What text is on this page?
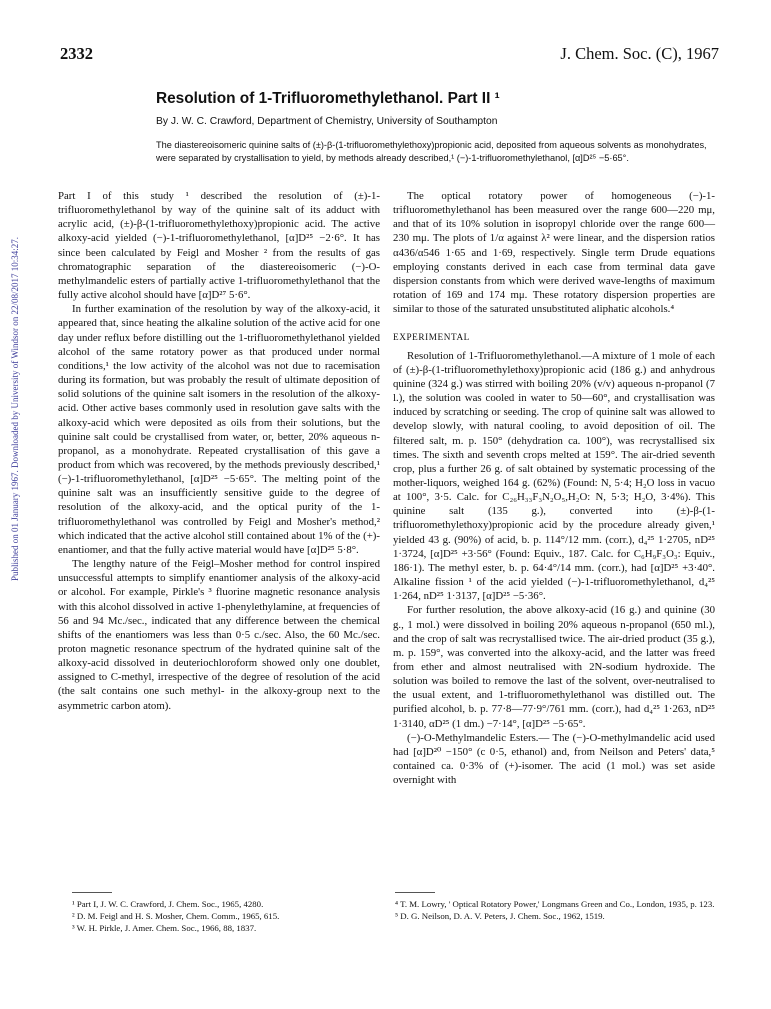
2332	J. Chem. Soc. (C), 1967
Resolution of 1-Trifluoromethylethanol. Part II ¹
By J. W. C. Crawford, Department of Chemistry, University of Southampton
The diastereoisomeric quinine salts of (±)-β-(1-trifluoromethylethoxy)propionic acid, deposited from aqueous solvents as monohydrates, were separated by crystallisation to yield, by methods already described,¹ (−)-1-trifluoromethylethanol, [α]D²⁵ −5·65°.
Published on 01 January 1967. Downloaded by University of Windsor on 22/08/2017 10:34:27.

Part I of this study ¹ described the resolution of (±)-1-trifluoromethylethanol by way of the quinine salt of its adduct with acrylic acid, (±)-β-(1-trifluoromethylethoxy)propionic acid. The active alkoxy-acid yielded (−)-1-trifluoromethylethanol, [α]D²⁵ −2·6°. It has since been calculated by Feigl and Mosher ² from the results of gas chromatographic separation of the diastereoisomeric (−)-O-methylmandelic esters of partially active 1-trifluoromethylethanol that the fully active alcohol should have [α]D²⁷ 5·6°.

In further examination of the resolution by way of the alkoxy-acid, it appeared that, since heating the alkaline solution of the active acid for one day under reflux before distilling out the 1-trifluoromethylethanol yielded alcohol of the same rotatory power as that produced under normal conditions,¹ the low activity of the alcohol was not due to racemisation during its formation, but was probably the result of ultimate deposition of solid solutions of the quinine salt isomers in the resolution of the alkoxy-acid. Other active bases commonly used in resolution gave salts with the alkoxy-acid which were deposited as oils from their solutions, but the quinine salt could be crystallised from water, or, better, 20% aqueous n-propanol, as a monohydrate. Repeated crystallisation of this gave a product from which was recovered, by the methods previously described,¹ (−)-1-trifluoromethylethanol, [α]D²⁵ −5·65°. The melting point of the quinine salt was an insufficiently sensitive guide to the degree of resolution of the alkoxy-acid, and the optical purity of the 1-trifluoromethylethanol was controlled by Feigl and Mosher's method,² which indicated that the active alcohol still contained about 1% of the (+)-enantiomer, and that the fully active material would have [α]D²⁵ 5·8°.

The lengthy nature of the Feigl–Mosher method for control inspired unsuccessful attempts to simplify enantiomer analysis of the alkoxy-acid or alcohol. For example, Pirkle's ³ fluorine magnetic resonance analysis with this alcohol dissolved in active 1-phenylethylamine, at frequencies of 56 and 94 Mc./sec., indicated that any difference between the chemical shifts of the enantiomers was less than 0·5 c./sec. Also, the 60 Mc./sec. proton magnetic resonance spectrum of the hydrated quinine salt of the alkoxy-acid dissolved in deuteriochloroform showed only one doublet, assigned to C-methyl, irrespective of the degree of resolution of the acid (the salt contains one such methyl- in the alkoxy-group next to the asymmetric carbon atom).

The optical rotatory power of homogeneous (−)-1-trifluoromethylethanol has been measured over the range 600—220 mμ, and that of its 10% solution in isopropyl chloride over the range 600—230 mμ. The plots of 1/α against λ² were linear, and the dispersion ratios α436/α546 1·65 and 1·69, respectively. Single term Drude equations employing constants derived in each case from terminal data gave dispersion constants from which were derived wave-lengths of maximum rotation of 169 and 174 mμ. These rotatory dispersion properties are similar to those of the saturated unsubstituted aliphatic alcohols.⁴

EXPERIMENTAL

Resolution of 1-Trifluoromethylethanol.—A mixture of 1 mole of each of (±)-β-(1-trifluoromethylethoxy)propionic acid (186 g.) and anhydrous quinine (324 g.) was stirred with boiling 20% (v/v) aqueous n-propanol (7 l.), the solution was cooled in water to 50—60°, and crystallisation was induced by scratching or seeding. The crop of quinine salt was allowed to develop slowly, with natural cooling, to avoid deposition of oil. The filtered salt, m. p. 150° (dehydration ca. 100°), was recrystallised six times. The sixth and seventh crops melted at 159°. The air-dried seventh crop, plus a further 26 g. of salt obtained by systematic processing of the mother-liquors, weighed 164 g. (62%) (Found: N, 5·4; H₂O loss in vacuo at 100°, 3·5. Calc. for C₂₆H₃₃F₃N₂O₅,H₂O: N, 5·3; H₂O, 3·4%). This quinine salt (135 g.), converted into (±)-β-(1-trifluoromethylethoxy)propionic acid by the procedure already given,¹ yielded 43 g. (90%) of acid, b. p. 114°/12 mm. (corr.), d₄²⁵ 1·2705, nD²⁵ 1·3724, [α]D²⁵ +3·56° (Found: Equiv., 187. Calc. for C₆H₉F₃O₃: Equiv., 186·1). The methyl ester, b. p. 64·4°/14 mm. (corr.), had [α]D²⁵ +3·40°. Alkaline fission ¹ of the acid yielded (−)-1-trifluoromethylethanol, d₄²⁵ 1·264, nD²⁵ 1·3137, [α]D²⁵ −5·36°.

For further resolution, the above alkoxy-acid (16 g.) and quinine (30 g., 1 mol.) were dissolved in boiling 20% aqueous n-propanol (650 ml.), and the crop of salt was recrystallised twice. The air-dried product (35 g.), m. p. 159°, was converted into the alkoxy-acid, and the latter was freed from ether and almost neutralised with 2N-sodium hydroxide. The solution was boiled to remove the last of the solvent, over-neutralised to the usual extent, and 1-trifluoromethylethanol was distilled out. The purified alcohol, b. p. 77·8—77·9°/761 mm. (corr.), had d₄²⁵ 1·263, nD²⁵ 1·3140, αD²⁵ (1 dm.) −7·14°, [α]D²⁵ −5·65°.

(−)-O-Methylmandelic Esters.— The (−)-O-methylmandelic acid used had [α]D²⁰ −150° (c 0·5, ethanol) and, from Neilson and Peters' data,⁵ contained ca. 0·3% of (+)-isomer. The acid (1 mol.) was set aside overnight with

¹ Part I, J. W. C. Crawford, J. Chem. Soc., 1965, 4280.
² D. M. Feigl and H. S. Mosher, Chem. Comm., 1965, 615.
³ W. H. Pirkle, J. Amer. Chem. Soc., 1966, 88, 1837.
⁴ T. M. Lowry, ' Optical Rotatory Power,' Longmans Green and Co., London, 1935, p. 123.
⁵ D. G. Neilson, D. A. V. Peters, J. Chem. Soc., 1962, 1519.
